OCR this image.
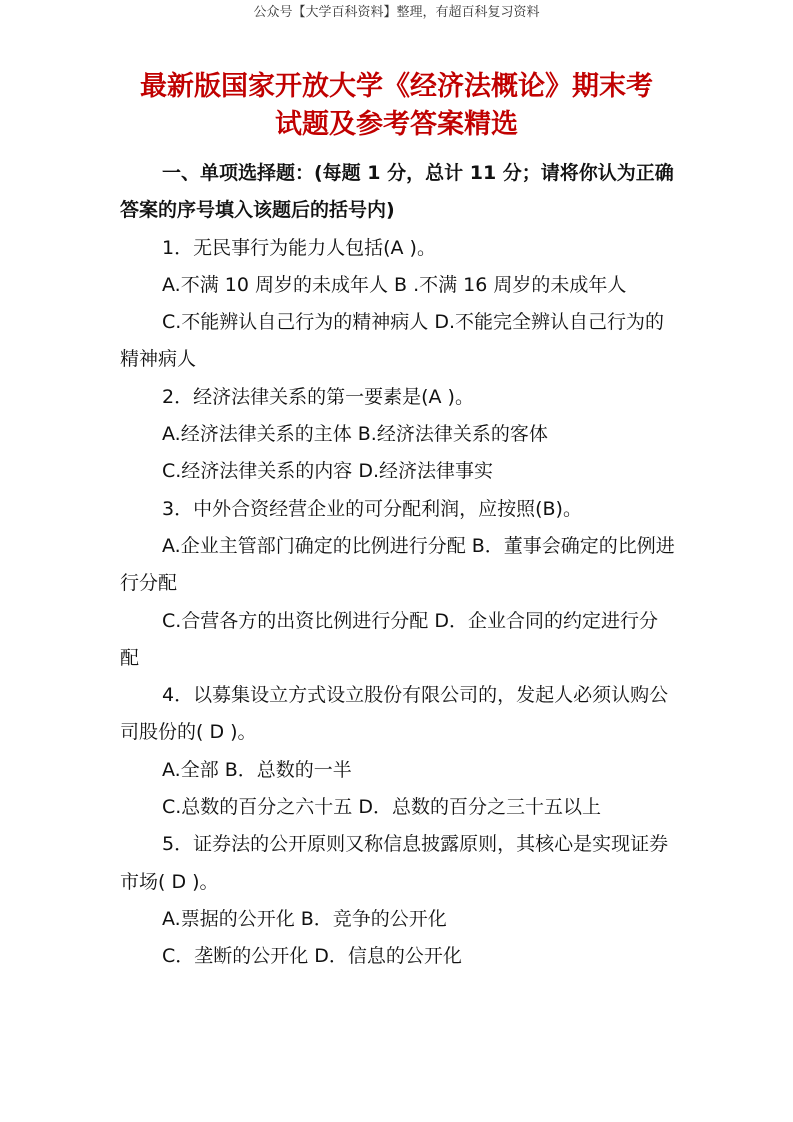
公众号【大学百科资料】整理，有超百科复习资料
最新版国家开放大学《经济法概论》期末考
试题及参考答案精选

一、单项选择题：(每题 1 分，总计 11 分；请将你认为正确答案的序号填入该题后的括号内)

1．无民事行为能力人包括(A )。

A.不满 10 周岁的未成年人 B .不满 16 周岁的未成年人

C.不能辨认自己行为的精神病人 D.不能完全辨认自己行为的精神病人

2．经济法律关系的第一要素是(A )。

A.经济法律关系的主体 B.经济法律关系的客体

C.经济法律关系的内容 D.经济法律事实

3．中外合资经营企业的可分配利润，应按照(B)。

A.企业主管部门确定的比例进行分配 B．董事会确定的比例进行分配

C.合营各方的出资比例进行分配 D．企业合同的约定进行分配

4．以募集设立方式设立股份有限公司的，发起人必须认购公司股份的( D )。

A.全部 B．总数的一半

C.总数的百分之六十五 D．总数的百分之三十五以上

5．证券法的公开原则又称信息披露原则，其核心是实现证券市场( D )。

A.票据的公开化 B．竞争的公开化

C．垄断的公开化 D．信息的公开化
